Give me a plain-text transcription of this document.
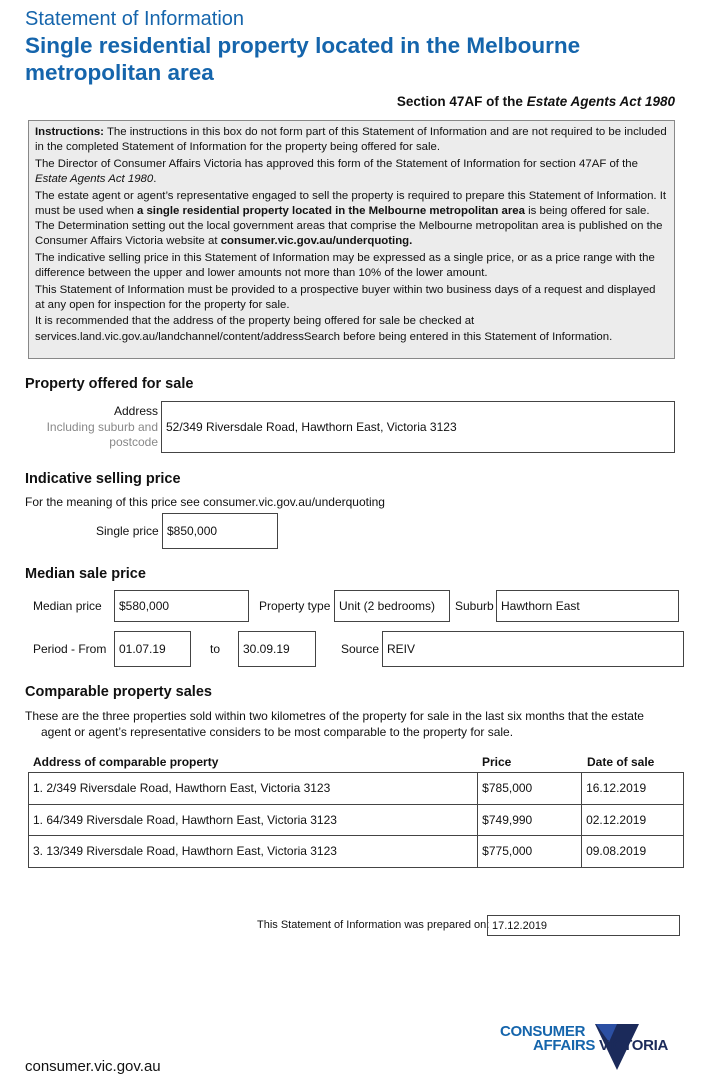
Statement of Information
Single residential property located in the Melbourne metropolitan area
Section 47AF of the Estate Agents Act 1980

Instructions: The instructions in this box do not form part of this Statement of Information and are not required to be included in the completed Statement of Information for the property being offered for sale.

The Director of Consumer Affairs Victoria has approved this form of the Statement of Information for section 47AF of the Estate Agents Act 1980.

The estate agent or agent’s representative engaged to sell the property is required to prepare this Statement of Information. It must be used when a single residential property located in the Melbourne metropolitan area is being offered for sale. The Determination setting out the local government areas that comprise the Melbourne metropolitan area is published on the Consumer Affairs Victoria website at consumer.vic.gov.au/underquoting.

The indicative selling price in this Statement of Information may be expressed as a single price, or as a price range with the difference between the upper and lower amounts not more than 10% of the lower amount.

This Statement of Information must be provided to a prospective buyer within two business days of a request and displayed at any open for inspection for the property for sale.

It is recommended that the address of the property being offered for sale be checked at services.land.vic.gov.au/landchannel/content/addressSearch before being entered in this Statement of Information.

Property offered for sale
Address
Including suburb and
postcode
52/349 Riversdale Road, Hawthorn East, Victoria 3123
Indicative selling price
For the meaning of this price see consumer.vic.gov.au/underquoting
Single price $850,000
Median sale price
Median price	$580,000	Property type Unit (2 bedrooms)	Suburb Hawthorn East
Period - From	01.07.19	to	30.09.19	Source REIV
Comparable property sales
These are the three properties sold within two kilometres of the property for sale in the last six months that the estate
agent or agent’s representative considers to be most comparable to the property for sale.
Address of comparable property	Price	Date of sale
1. 2/349 Riversdale Road, Hawthorn East, Victoria 3123	$785,000	16.12.2019
1. 64/349 Riversdale Road, Hawthorn East, Victoria 3123	$749,990	02.12.2019
3. 13/349 Riversdale Road, Hawthorn East, Victoria 3123	$775,000	09.08.2019
This Statement of Information was prepared on: 17.12.2019
CONSUMER
AFFAIRS VICTORIA
consumer.vic.gov.au
